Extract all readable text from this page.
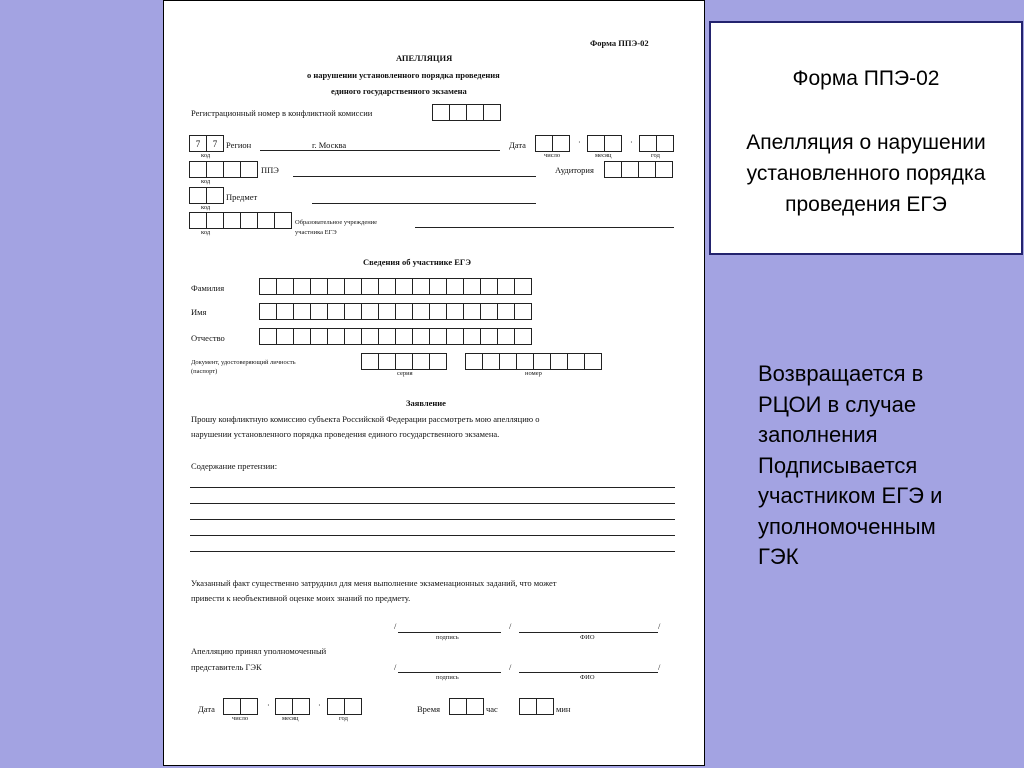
Форма ППЭ-02
АПЕЛЛЯЦИЯ
о нарушении установленного порядка проведения
единого государственного экзамена
Регистрационный номер в конфликтной комиссии
7	7
код
Регион	г. Москва	Дата	·	·
число	месяц	год
код
ППЭ	Аудитория
код
Предмет
код
Образовательное учреждение
участника ЕГЭ
Сведения об участнике ЕГЭ
Фамилия
Имя
Отчество
Документ, удостоверяющий личность
(паспорт)	серия	номер
Заявление
Прошу конфликтную комиссию субъекта Российской Федерации рассмотреть мою апелляцию о
нарушении установленного порядка проведения единого государственного экзамена.
Содержание претензии:
Указанный факт существенно затруднил для меня выполнение экзаменационных заданий, что может
привести к необъективной оценке моих знаний по предмету.
/	/	/
подпись	ФИО
Апелляцию принял уполномоченный
представитель ГЭК	/	/	/
подпись	ФИО
Дата	·	·
число	месяц	год
Время	час	мин
Форма ППЭ-02
Апелляция о нарушении установленного порядка проведения ЕГЭ
Возвращается в
РЦОИ в случае
заполнения
Подписывается
участником ЕГЭ и
уполномоченным
ГЭК
